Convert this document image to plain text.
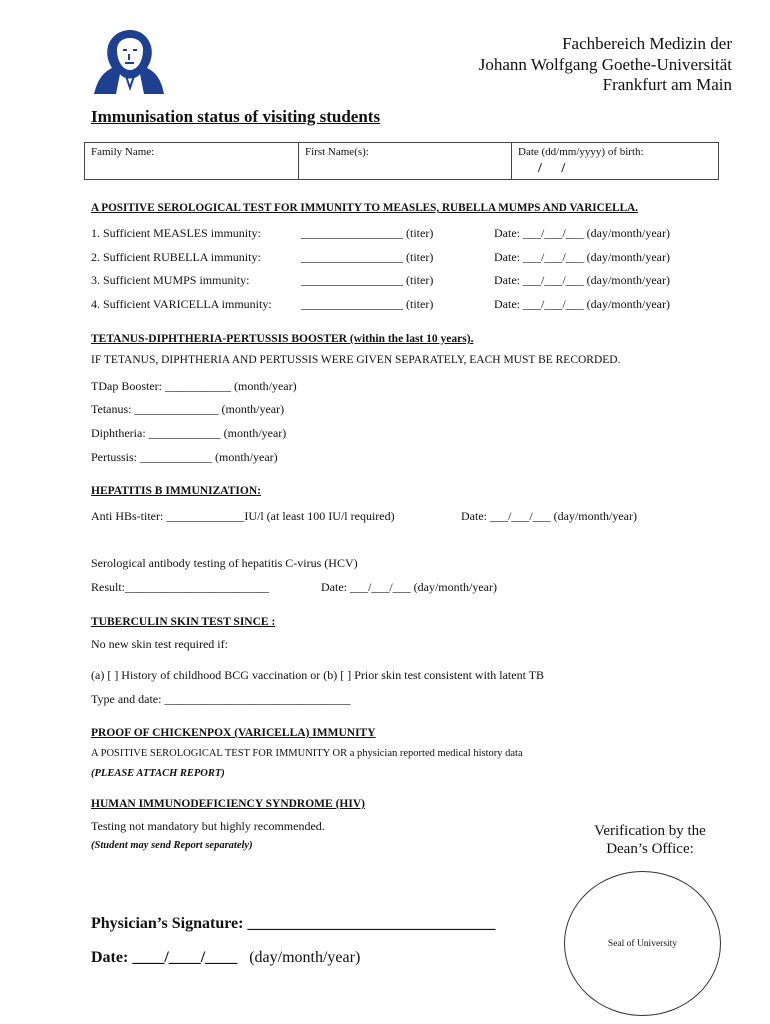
Fachbereich Medizin der
Johann Wolfgang Goethe-Universität
Frankfurt am Main
Immunisation status of visiting students
Family Name:	First Name(s):	Date (dd/mm/yyyy) of birth:
/ /
A POSITIVE SEROLOGICAL TEST FOR IMMUNITY TO MEASLES, RUBELLA MUMPS AND VARICELLA.
1. Sufficient MEASLES immunity:	_________________ (titer)	Date: ___/___/___ (day/month/year)
2. Sufficient RUBELLA immunity:	_________________ (titer)	Date: ___/___/___ (day/month/year)
3. Sufficient MUMPS immunity:	_________________ (titer)	Date: ___/___/___ (day/month/year)
4. Sufficient VARICELLA immunity:	_________________ (titer)	Date: ___/___/___ (day/month/year)
TETANUS-DIPHTHERIA-PERTUSSIS BOOSTER (within the last 10 years).
IF TETANUS, DIPHTHERIA AND PERTUSSIS WERE GIVEN SEPARATELY, EACH MUST BE RECORDED.
TDap Booster: ___________ (month/year)
Tetanus: ______________ (month/year)
Diphtheria: ____________ (month/year)
Pertussis: ____________ (month/year)
HEPATITIS B IMMUNIZATION:
Anti HBs-titer: _____________IU/l (at least 100 IU/l required)	Date: ___/___/___ (day/month/year)
Serological antibody testing of hepatitis C-virus (HCV)
Result:________________________	Date: ___/___/___ (day/month/year)
TUBERCULIN SKIN TEST SINCE :
No new skin test required if:
(a) [ ] History of childhood BCG vaccination or (b) [ ] Prior skin test consistent with latent TB
Type and date: _______________________________
PROOF OF CHICKENPOX (VARICELLA) IMMUNITY
A POSITIVE SEROLOGICAL TEST FOR IMMUNITY OR a physician reported medical history data
(PLEASE ATTACH REPORT)
HUMAN IMMUNODEFICIENCY SYNDROME (HIV)
Testing not mandatory but highly recommended.
(Student may send Report separately)
Verification by the
Dean’s Office:
Seal of University
Physician’s Signature: _______________________________
Date: ____/____/____ (day/month/year)
